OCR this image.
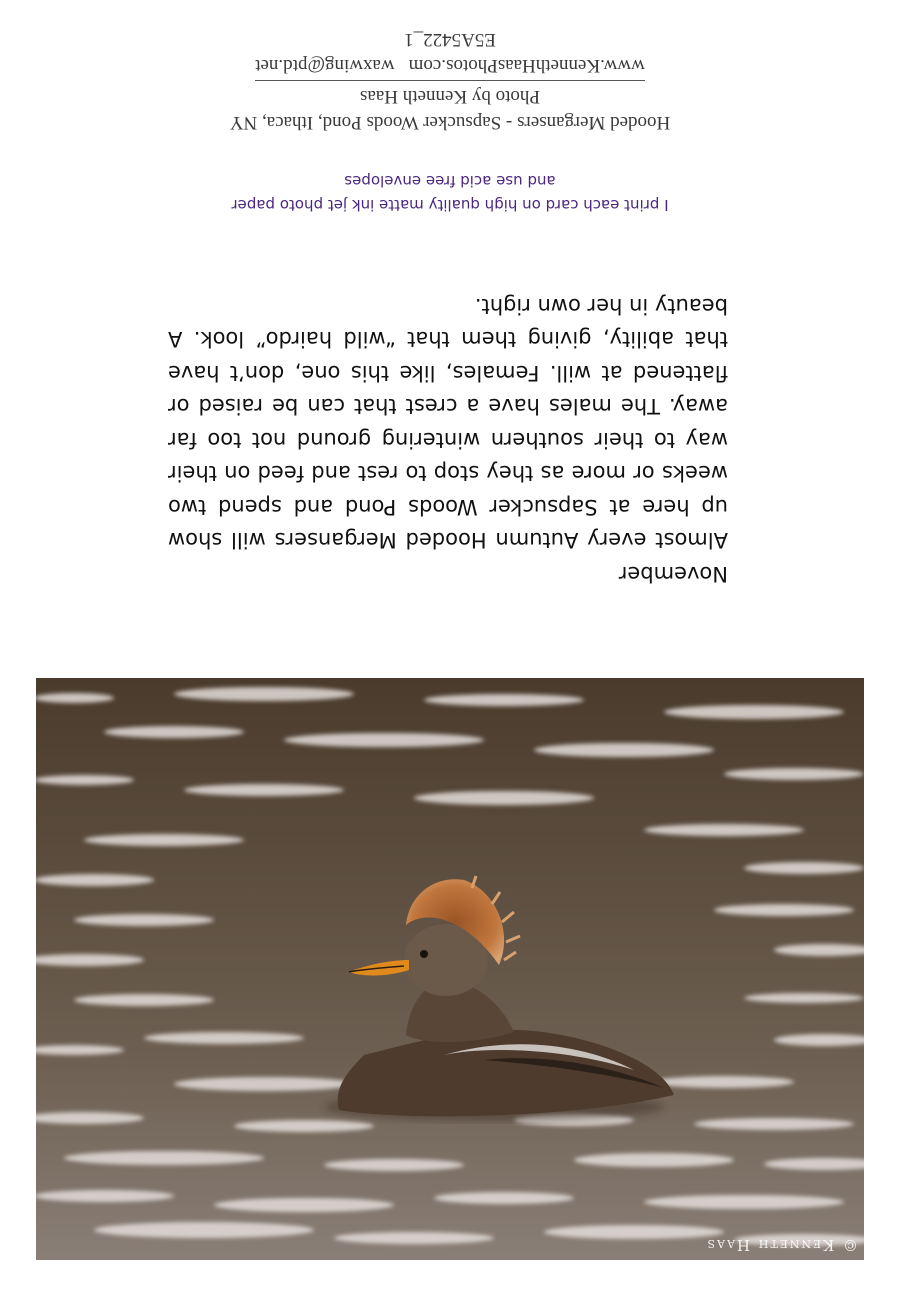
© Kenneth Haas

November

Almost every Autumn Hooded Mergansers will show up here at Sapsucker Woods Pond and spend two weeks or more as they stop to rest and feed on their way to their southern wintering ground not too far away. The males have a crest that can be raised or flattened at will. Females, like this one, don’t have that ability, giving them that “wild hairdo” look. A beauty in her own right.

I print each card on high quality matte ink jet photo paper
and use acid free envelopes
Hooded Mergansers - Sapsucker Woods Pond, Ithaca, NY
Photo by Kenneth Haas
www.KennethHaasPhotos.comwaxwing@ptd.net
E5A5422_1
